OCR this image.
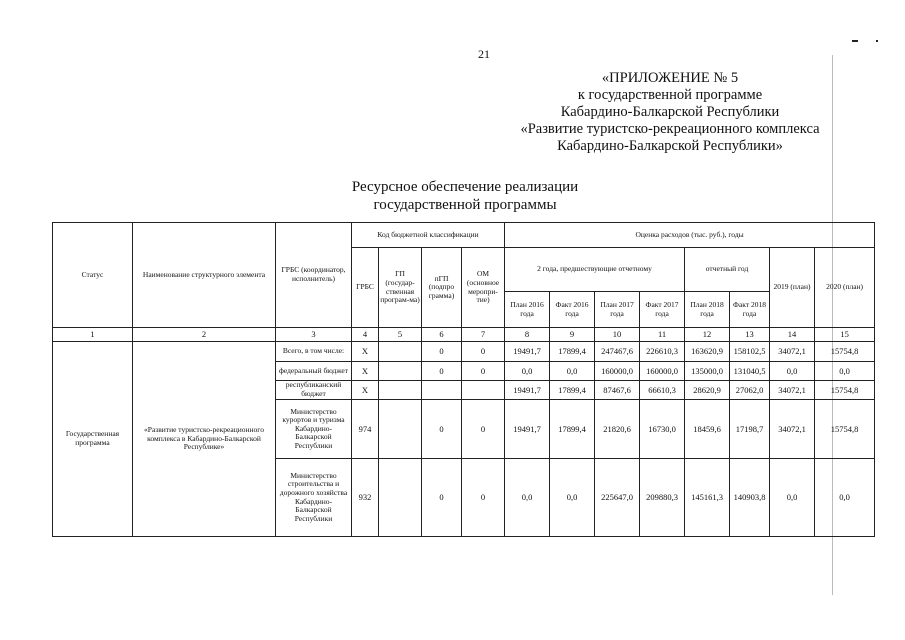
21
«ПРИЛОЖЕНИЕ № 5
к государственной программе
Кабардино-Балкарской Республики
«Развитие туристско-рекреационного комплекса
Кабардино-Балкарской Республики»
Ресурсное обеспечение реализации
государственной программы
Статус	Наименование структурного элемента	ГРБС (координатор, исполнитель)	Код бюджетной классификации				Оценка расходов (тыс. руб.), годы							
			ГРБС	ГП (государ-ственная програм-ма)	пГП (подпро грамма)	ОМ (основное меропри-тие)	2 года, предшествующие отчетному				отчетный год		2019 (план)	2020 (план)
							План 2016 года	Факт 2016 года	План 2017 года	Факт 2017 года	План 2018 года	Факт 2018 года		
1	2	3	4	5	6	7	8	9	10	11	12	13	14	15
Государственная программа	«Развитие туристско-рекреационного комплекса в Кабардино-Балкарской Республике»	Всего, в том числе:	X		0	0	19491,7	17899,4	247467,6	226610,3	163620,9	158102,5	34072,1	15754,8
		федеральный бюджет	X		0	0	0,0	0,0	160000,0	160000,0	135000,0	131040,5	0,0	0,0
		республиканский бюджет	X				19491,7	17899,4	87467,6	66610,3	28620,9	27062,0	34072,1	15754,8
		Министерство курортов и туризма Кабардино-Балкарской Республики	974		0	0	19491,7	17899,4	21820,6	16730,0	18459,6	17198,7	34072,1	15754,8
		Министерство строительства и дорожного хозяйства Кабардино-Балкарской Республики	932		0	0	0,0	0,0	225647,0	209880,3	145161,3	140903,8	0,0	0,0
